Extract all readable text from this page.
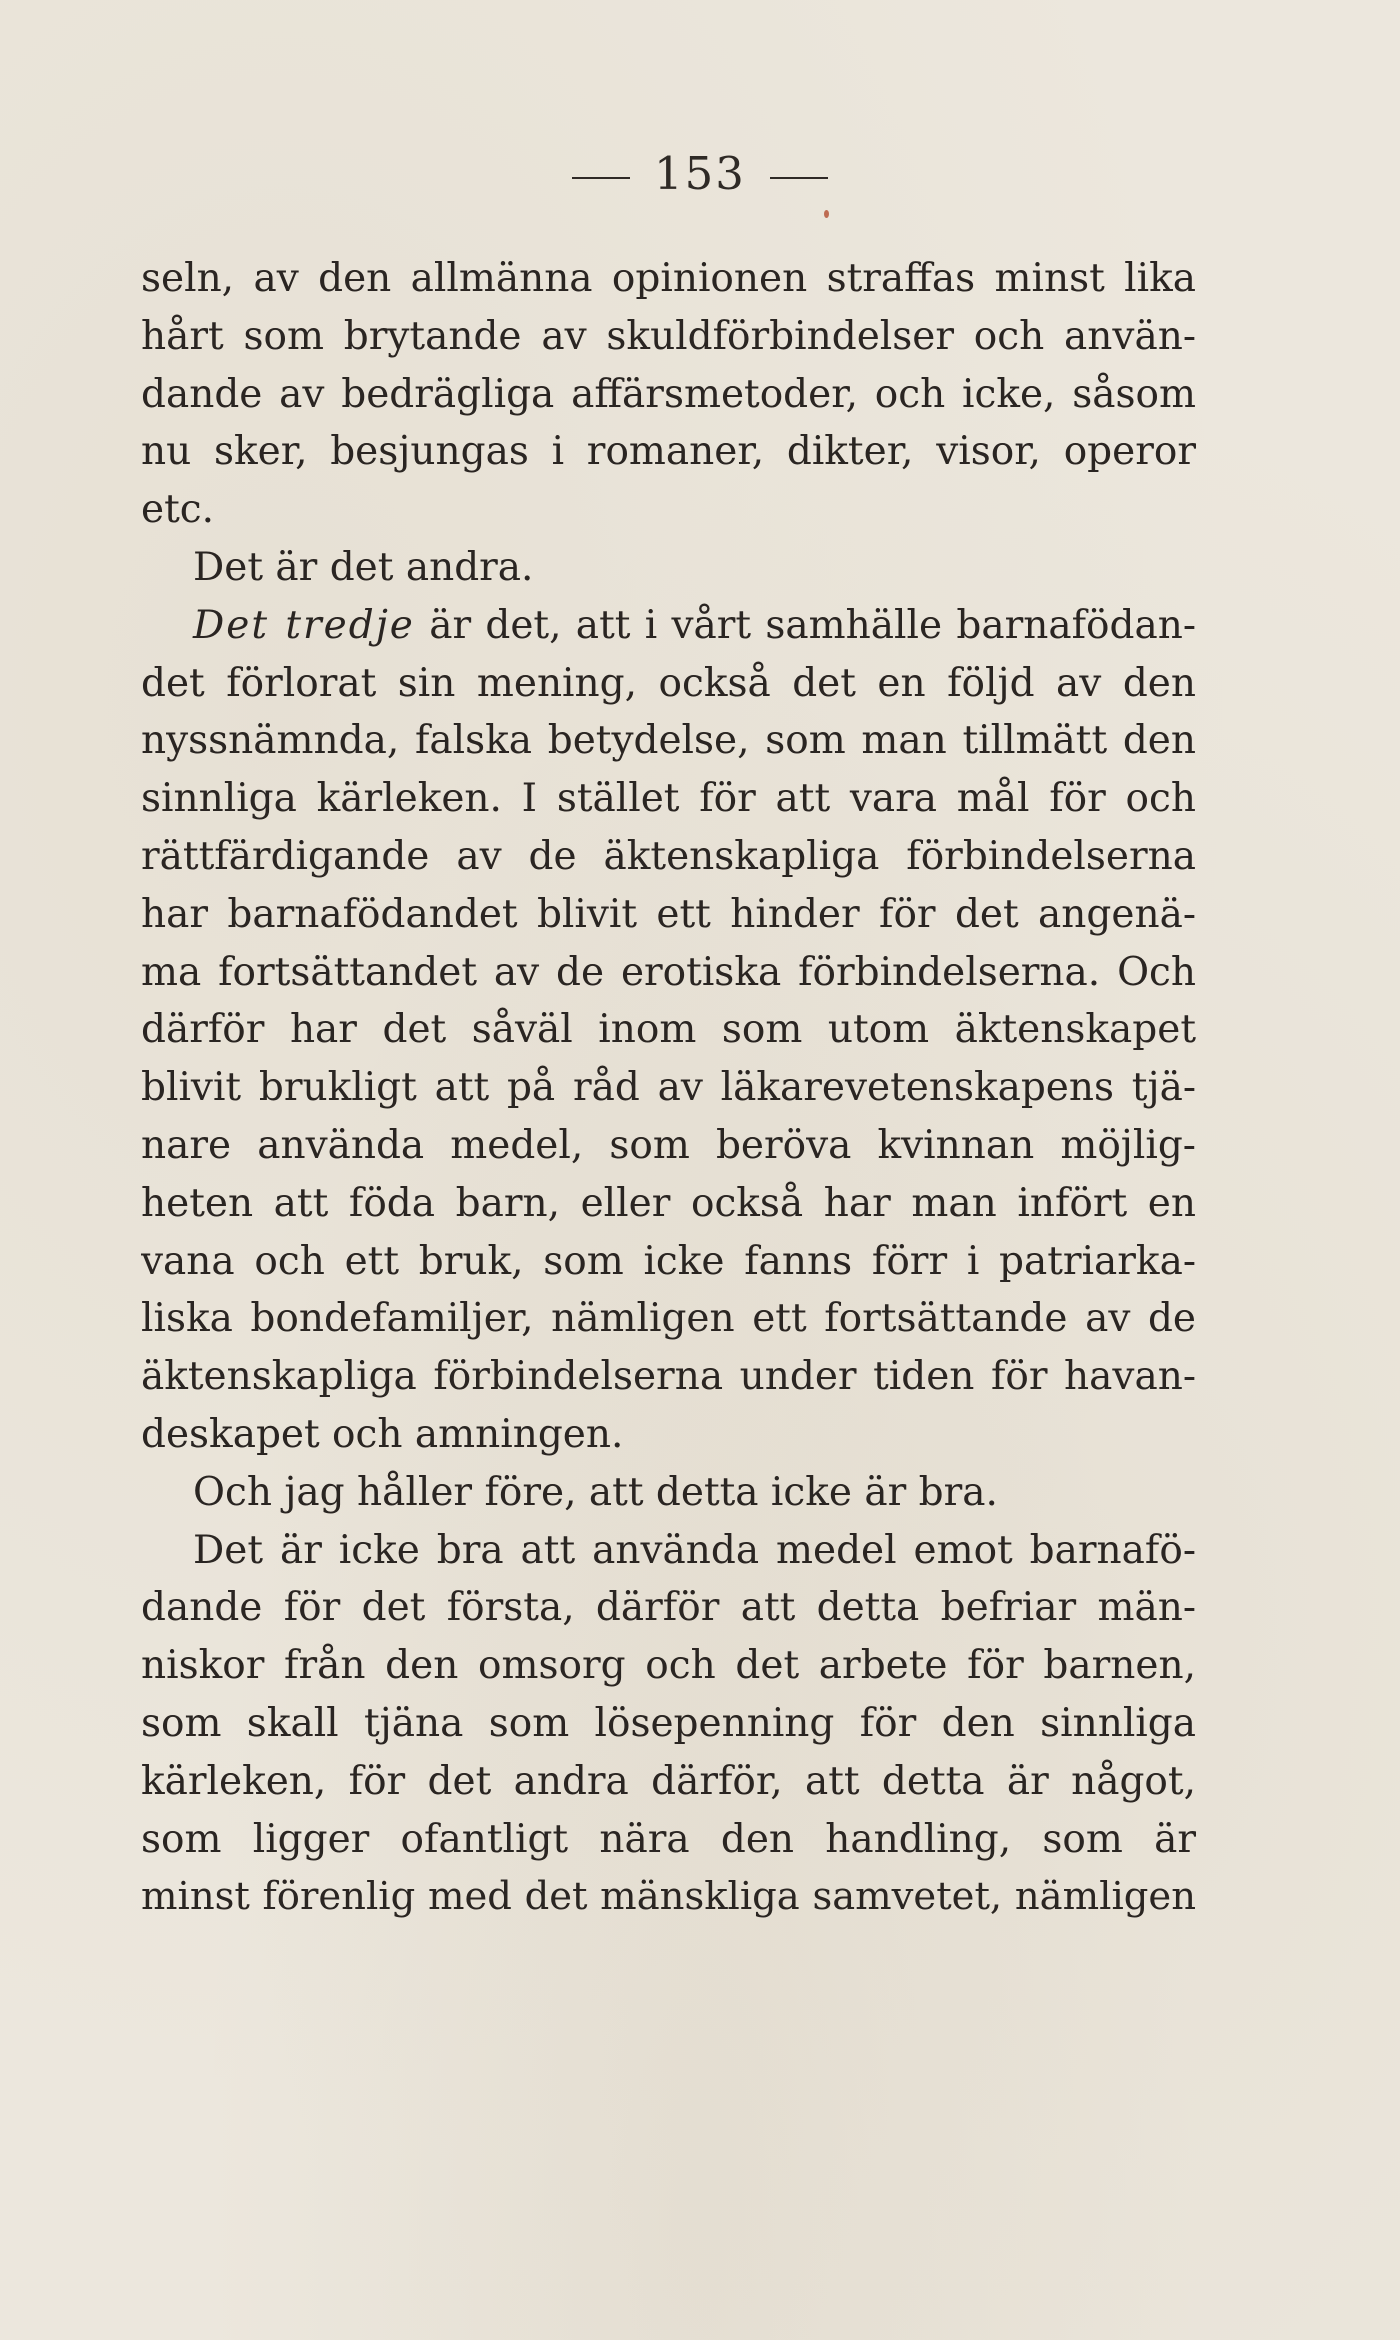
153
seln, av den allmänna opinionen straffas minst lika
hårt som brytande av skuldförbindelser och använ-
dande av bedrägliga affärsmetoder, och icke, såsom
nu sker, besjungas i romaner, dikter, visor, operor
etc.
Det är det andra.
Det tredje är det, att i vårt samhälle barnafödan-
det förlorat sin mening, också det en följd av den
nyssnämnda, falska betydelse, som man tillmätt den
sinnliga kärleken. I stället för att vara mål för och
rättfärdigande av de äktenskapliga förbindelserna
har barnafödandet blivit ett hinder för det angenä-
ma fortsättandet av de erotiska förbindelserna. Och
därför har det såväl inom som utom äktenskapet
blivit brukligt att på råd av läkarevetenskapens tjä-
nare använda medel, som beröva kvinnan möjlig-
heten att föda barn, eller också har man infört en
vana och ett bruk, som icke fanns förr i patriarka-
liska bondefamiljer, nämligen ett fortsättande av de
äktenskapliga förbindelserna under tiden för havan-
deskapet och amningen.
Och jag håller före, att detta icke är bra.
Det är icke bra att använda medel emot barnafö-
dande för det första, därför att detta befriar män-
niskor från den omsorg och det arbete för barnen,
som skall tjäna som lösepenning för den sinnliga
kärleken, för det andra därför, att detta är något,
som ligger ofantligt nära den handling, som är
minst förenlig med det mänskliga samvetet, nämligen
